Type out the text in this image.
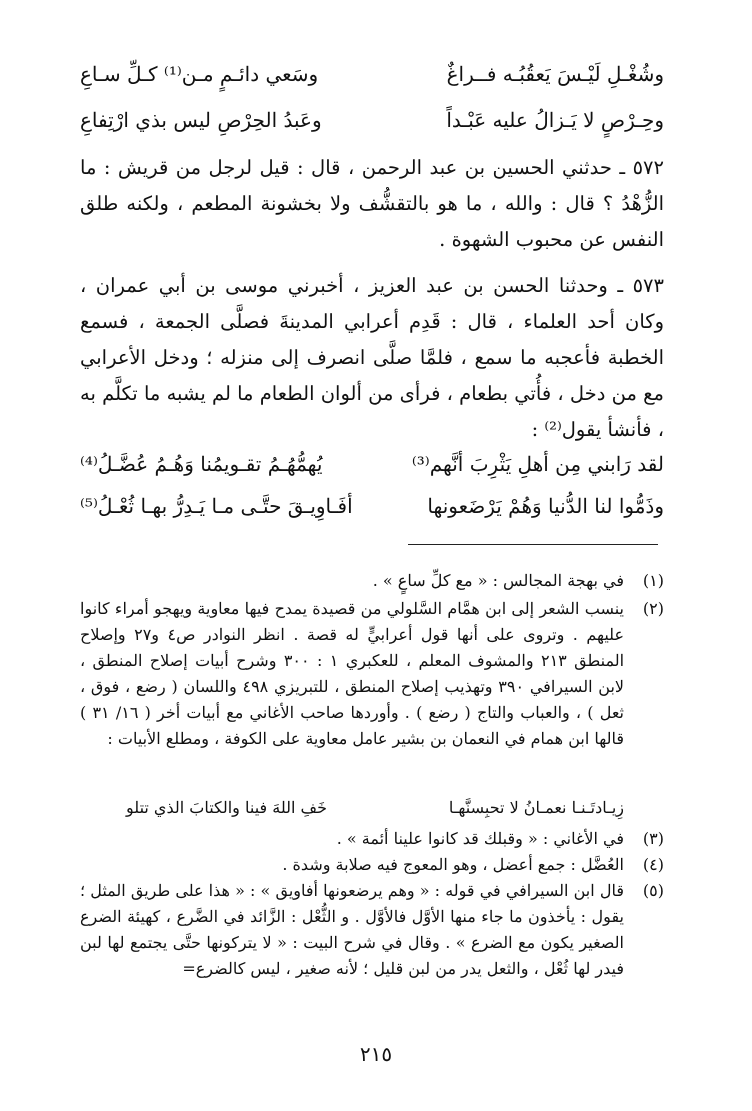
وشُغْـلِ لَيْـسَ يَعقُبُـه فــراغٌ
وسَعي دائـمٍ مـن⁽¹⁾ كـلِّ سـاعِ
وحِـرْصٍ لا يَـزالُ عليه عَبْـداً
وعَبدُ الحِرْصِ ليس بذي ارْتِفاعِ
٥٧٢ ـ حدثني الحسين بن عبد الرحمن ، قال : قيل لرجل من قريش : ما الزُّهْدُ ؟ قال : والله ، ما هو بالتقشُّف ولا بخشونة المطعم ، ولكنه طلق النفس عن محبوب الشهوة .
٥٧٣ ـ وحدثنا الحسن بن عبد العزيز ، أخبرني موسى بن أبي عمران ، وكان أحد العلماء ، قال : قَدِم أعرابي المدينةَ فصلَّى الجمعة ، فسمع الخطبة فأعجبه ما سمع ، فلمَّا صلَّى انصرف إلى منزله ؛ ودخل الأعرابي مع من دخل ، فأُتي بطعام ، فرأى من ألوان الطعام ما لم يشبه ما تكلَّم به ، فأنشأ يقول⁽²⁾ :
لقد رَابني مِن أهلِ يَثْرِبَ أنَّهم⁽³⁾
يُهمُّهُـمُ تقـويمُنا وَهُـمُ عُضَّـلُ⁽⁴⁾
وذَمُّوا لنا الدُّنيا وَهُمْ يَرْضَعونها
أفَـاوِيـقَ حتَّـى مـا يَـدِرُّ بهـا ثُعْـلُ⁽⁵⁾
(١)
في بهجة المجالس : « مع كلِّ ساعٍ » .
(٢)
ينسب الشعر إلى ابن همَّام السَّلولي من قصيدة يمدح فيها معاوية ويهجو أمراء كانوا عليهم . وتروى على أنها قول أعرابيٍّ له قصة . انظر النوادر ص٤ و٢٧ وإصلاح المنطق ٢١٣ والمشوف المعلم ، للعكبري ١ : ٣٠٠ وشرح أبيات إصلاح المنطق ، لابن السيرافي ٣٩٠ وتهذيب إصلاح المنطق ، للتبريزي ٤٩٨ واللسان ( رضع ، فوق ، ثعل ) ، والعباب والتاج ( رضع ) . وأوردها صاحب الأغاني مع أبيات أخر ( ١٦/ ٣١ ) قالها ابن همام في النعمان بن بشير عامل معاوية على الكوفة ، ومطلع الأبيات :
زِيـادتَـنـا نعمـانُ لا تحبِسنَّهـا
خَفِ اللهَ فينا والكتابَ الذي تتلو
(٣)
في الأغاني : « وقبلك قد كانوا علينا أئمة » .
(٤)
العُضَّل : جمع أعضل ، وهو المعوج فيه صلابة وشدة .
(٥)
قال ابن السيرافي في قوله : « وهم يرضعونها أفاويق » : « هذا على طريق المثل ؛ يقول : يأخذون ما جاء منها الأوَّل فالأوَّل . و الثُّعْل : الزَّائد في الضَّرع ، كهيئة الضرع الصغير يكون مع الضرع » . وقال في شرح البيت : « لا يتركونها حتَّى يجتمع لها لبن فيدر لها ثُعْل ، والثعل يدر من لبن قليل ؛ لأنه صغير ، ليس كالضرع=
٢١٥
